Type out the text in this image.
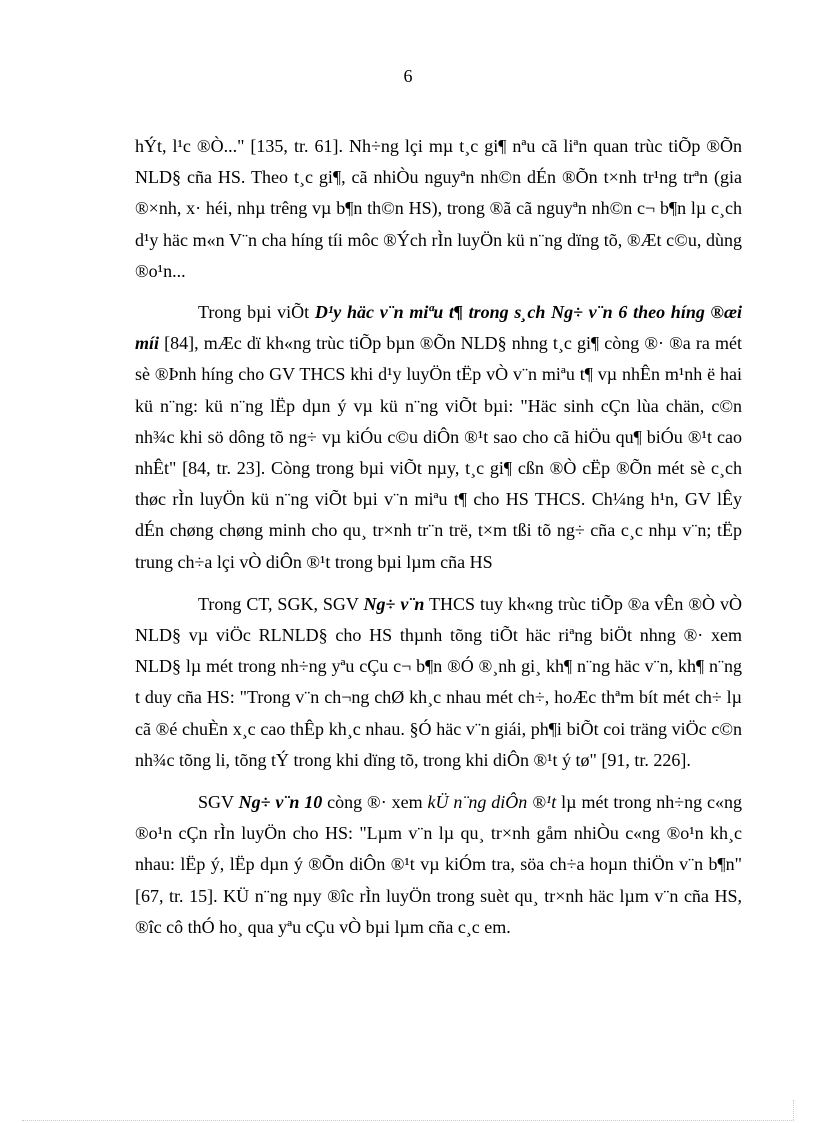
6

hÝt, l¹c ®Ò..." [135, tr. 61]. Nh÷ng lçi mµ t¸c gi¶ nªu cã liªn quan trùc tiÕp ®Õn NLD§ cña HS. Theo t¸c gi¶, cã nhiÒu nguyªn nh©n dÉn ®Õn t×nh tr¹ng trªn (gia ®×nh, x· héi, nhµ trêng vµ b¶n th©n HS), trong ®ã cã nguyªn nh©n c¬ b¶n lµ c¸ch d¹y häc m«n V¨n cha híng tíi môc ®Ých rÌn luyÖn kü n¨ng dïng tõ, ®Æt c©u, dùng ®o¹n...

Trong bµi viÕt D¹y häc v¨n miªu t¶ trong s¸ch Ng÷ v¨n 6 theo híng ®æi míi [84], mÆc dï kh«ng trùc tiÕp bµn ®Õn NLD§ nhng t¸c gi¶ còng ®· ®a ra mét sè ®Þnh híng cho GV THCS khi d¹y luyÖn tËp vÒ v¨n miªu t¶ vµ nhÊn m¹nh ë hai kü n¨ng: kü n¨ng lËp dµn ý vµ kü n¨ng viÕt bµi: "Häc sinh cÇn lùa chän, c©n nh¾c khi sö dông tõ ng÷ vµ kiÓu c©u diÔn ®¹t sao cho cã hiÖu qu¶ biÓu ®¹t cao nhÊt" [84, tr. 23]. Còng trong bµi viÕt nµy, t¸c gi¶ cßn ®Ò cËp ®Õn mét sè c¸ch thøc rÌn luyÖn kü n¨ng viÕt bµi v¨n miªu t¶ cho HS THCS. Ch¼ng h¹n, GV lÊy dÉn chøng chøng minh cho qu¸ tr×nh tr¨n trë, t×m tßi tõ ng÷ cña c¸c nhµ v¨n; tËp trung ch÷a lçi vÒ diÔn ®¹t trong bµi lµm cña HS

Trong CT, SGK, SGV Ng÷ v¨n THCS tuy kh«ng trùc tiÕp ®a vÊn ®Ò vÒ NLD§ vµ viÖc RLNLD§ cho HS thµnh tõng tiÕt häc riªng biÖt nhng ®· xem NLD§ lµ mét trong nh÷ng yªu cÇu c¬ b¶n ®Ó ®¸nh gi¸ kh¶ n¨ng häc v¨n, kh¶ n¨ng t duy cña HS: "Trong v¨n ch¬ng chØ kh¸c nhau mét ch÷, hoÆc thªm bít mét ch÷ lµ cã ®é chuÈn x¸c cao thÊp kh¸c nhau. §Ó häc v¨n giái, ph¶i biÕt coi träng viÖc c©n nh¾c tõng li, tõng tÝ trong khi dïng tõ, trong khi diÔn ®¹t ý tø" [91, tr. 226].

SGV Ng÷ v¨n 10 còng ®· xem kÜ n¨ng diÔn ®¹t lµ mét trong nh÷ng c«ng ®o¹n cÇn rÌn luyÖn cho HS: "Lµm v¨n lµ qu¸ tr×nh gåm nhiÒu c«ng ®o¹n kh¸c nhau: lËp ý, lËp dµn ý ®Õn diÔn ®¹t vµ kiÓm tra, söa ch÷a hoµn thiÖn v¨n b¶n" [67, tr. 15]. KÜ n¨ng nµy ®îc rÌn luyÖn trong suèt qu¸ tr×nh häc lµm v¨n cña HS, ®îc cô thÓ ho¸ qua yªu cÇu vÒ bµi lµm cña c¸c em.
